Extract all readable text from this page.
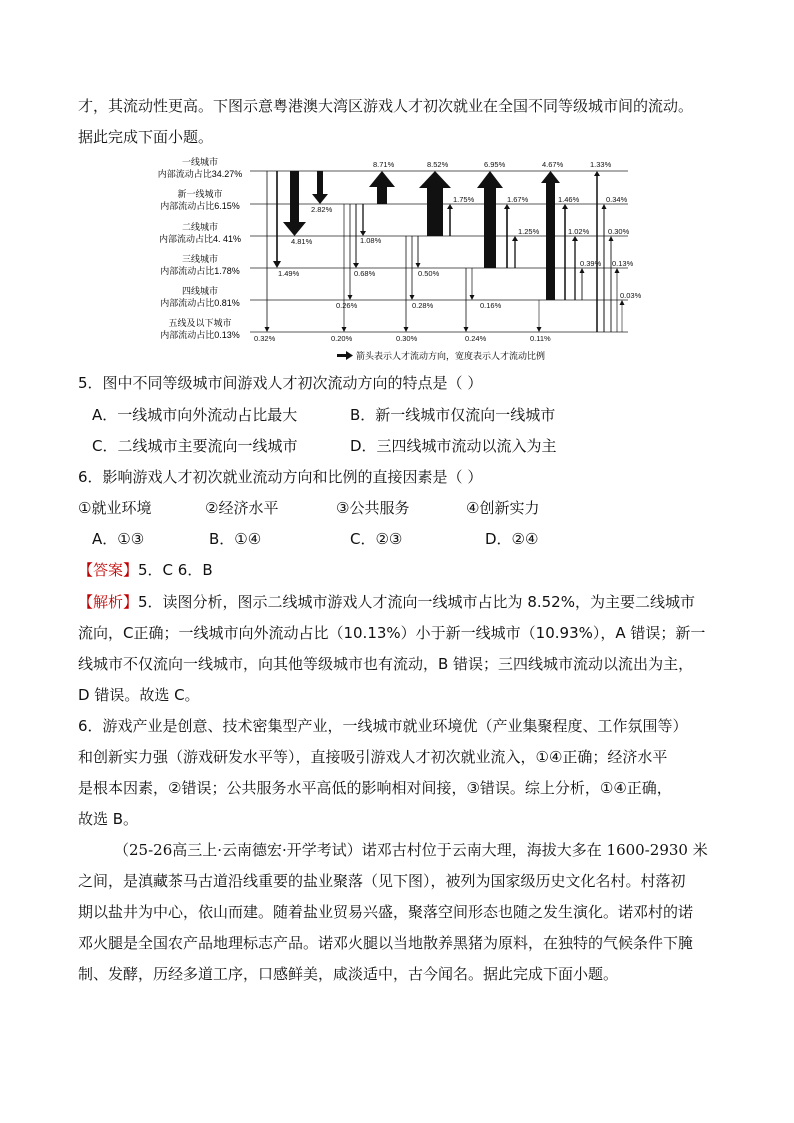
才，其流动性更高。下图示意粤港澳大湾区游戏人才初次就业在全国不同等级城市间的流动。
据此完成下面小题。
一线城市
内部流动占比34.27%
新一线城市
内部流动占比6.15%
二线城市
内部流动占比4. 41%
三线城市
内部流动占比1.78%
四线城市
内部流动占比0.81%
五线及以下城市
内部流动占比0.13% 0.32%
1.49%
4.81%
2.82%
0.20%
0.26%
0.68%
1.08%
8.71%
0.30%
0.28%
0.50%
1.75%
8.52%
0.24%
0.16%
1.25%
1.67%
6.95%
0.11%
0.39%
1.02%
1.46%
4.67%
0.03%
0.13%
0.30%
0.34%
1.33%
箭头表示人才流动方向，宽度表示人才流动比例
5．图中不同等级城市间游戏人才初次流动方向的特点是（ ）
A．一线城市向外流动占比最大	B．新一线城市仅流向一线城市
C．二线城市主要流向一线城市	D．三四线城市流动以流入为主
6．影响游戏人才初次就业流动方向和比例的直接因素是（ ）
①就业环境	②经济水平	③公共服务	④创新实力
A．①③	B．①④	C．②③	D．②④
【答案】5．C 6．B
【解析】5．读图分析，图示二线城市游戏人才流向一线城市占比为 8.52%，为主要二线城市
流向，C正确；一线城市向外流动占比（10.13%）小于新一线城市（10.93%），A 错误；新一
线城市不仅流向一线城市，向其他等级城市也有流动，B 错误；三四线城市流动以流出为主，
D 错误。故选 C。
6．游戏产业是创意、技术密集型产业，一线城市就业环境优（产业集聚程度、工作氛围等）
和创新实力强（游戏研发水平等），直接吸引游戏人才初次就业流入，①④正确；经济水平
是根本因素，②错误；公共服务水平高低的影响相对间接，③错误。综上分析，①④正确，
故选 B。
（25-26高三上·云南德宏·开学考试）诺邓古村位于云南大理，海拔大多在 1600-2930 米
之间，是滇藏茶马古道沿线重要的盐业聚落（见下图），被列为国家级历史文化名村。村落初
期以盐井为中心，依山而建。随着盐业贸易兴盛，聚落空间形态也随之发生演化。诺邓村的诺
邓火腿是全国农产品地理标志产品。诺邓火腿以当地散养黑猪为原料，在独特的气候条件下腌
制、发酵，历经多道工序，口感鲜美，咸淡适中，古今闻名。据此完成下面小题。
